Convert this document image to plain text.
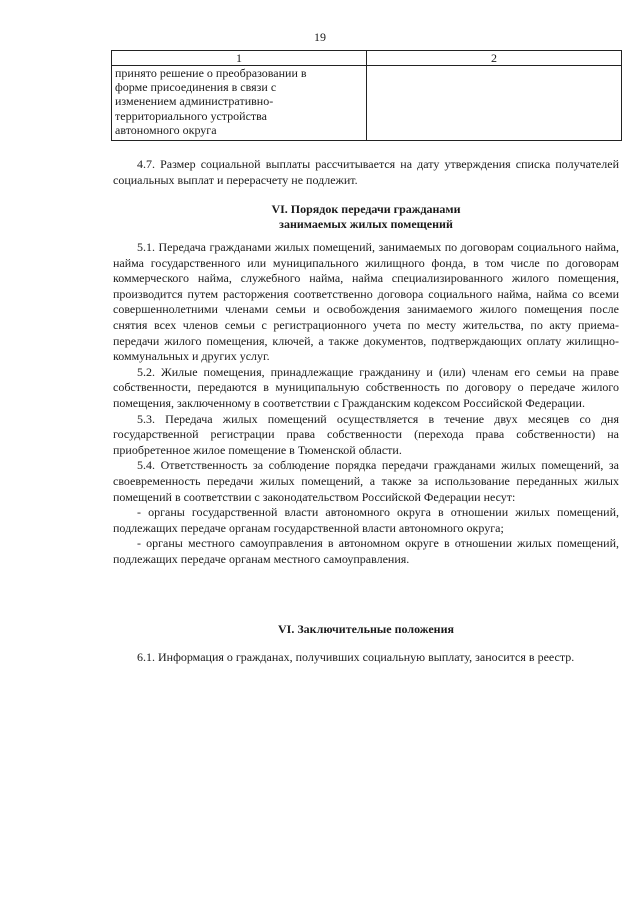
19
1	2
принято решение о преобразовании в
форме присоединения в связи с
изменением административно-
территориального устройства
автономного округа	

4.7. Размер социальной выплаты рассчитывается на дату утверждения списка получателей социальных выплат и перерасчету не подлежит.

VI. Порядок передачи гражданами
занимаемых жилых помещений

5.1. Передача гражданами жилых помещений, занимаемых по договорам социального найма, найма государственного или муниципального жилищного фонда, в том числе по договорам коммерческого найма, служебного найма, найма специализированного жилого помещения, производится путем расторжения соответственно договора социального найма, найма со всеми совершеннолетними членами семьи и освобождения занимаемого жилого помещения после снятия всех членов семьи с регистрационного учета по месту жительства, по акту приема-передачи жилого помещения, ключей, а также документов, подтверждающих оплату жилищно-коммунальных и других услуг.

5.2. Жилые помещения, принадлежащие гражданину и (или) членам его семьи на праве собственности, передаются в муниципальную собственность по договору о передаче жилого помещения, заключенному в соответствии с Гражданским кодексом Российской Федерации.

5.3. Передача жилых помещений осуществляется в течение двух месяцев со дня государственной регистрации права собственности (перехода права собственности) на приобретенное жилое помещение в Тюменской области.

5.4. Ответственность за соблюдение порядка передачи гражданами жилых помещений, за своевременность передачи жилых помещений, а также за использование переданных жилых помещений в соответствии с законодательством Российской Федерации несут:

- органы государственной власти автономного округа в отношении жилых помещений, подлежащих передаче органам государственной власти автономного округа;

- органы местного самоуправления в автономном округе в отношении жилых помещений, подлежащих передаче органам местного самоуправления.

VI. Заключительные положения

6.1. Информация о гражданах, получивших социальную выплату, заносится в реестр.
